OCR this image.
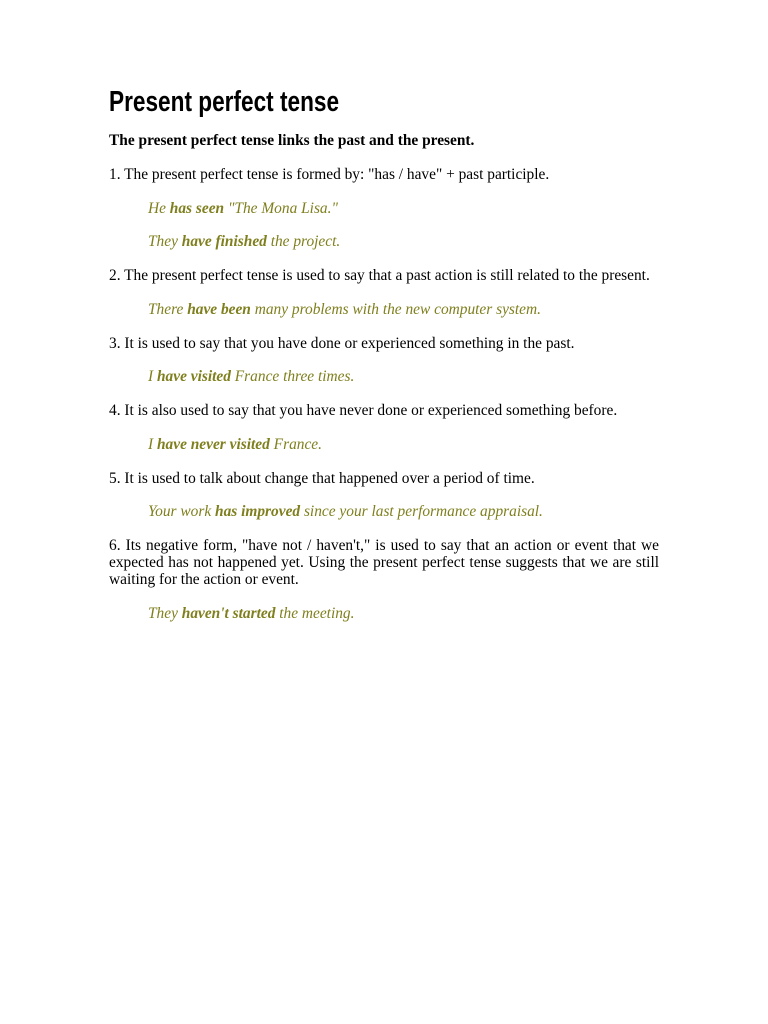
Present perfect tense

The present perfect tense links the past and the present.

1. The present perfect tense is formed by: "has / have" + past participle.

He has seen "The Mona Lisa."

They have finished the project.

2. The present perfect tense is used to say that a past action is still related to the present.

There have been many problems with the new computer system.

3. It is used to say that you have done or experienced something in the past.

I have visited France three times.

4. It is also used to say that you have never done or experienced something before.

I have never visited France.

5. It is used to talk about change that happened over a period of time.

Your work has improved since your last performance appraisal.

6. Its negative form, "have not / haven't," is used to say that an action or event that we expected has not happened yet. Using the present perfect tense suggests that we are still waiting for the action or event.

They haven't started the meeting.
